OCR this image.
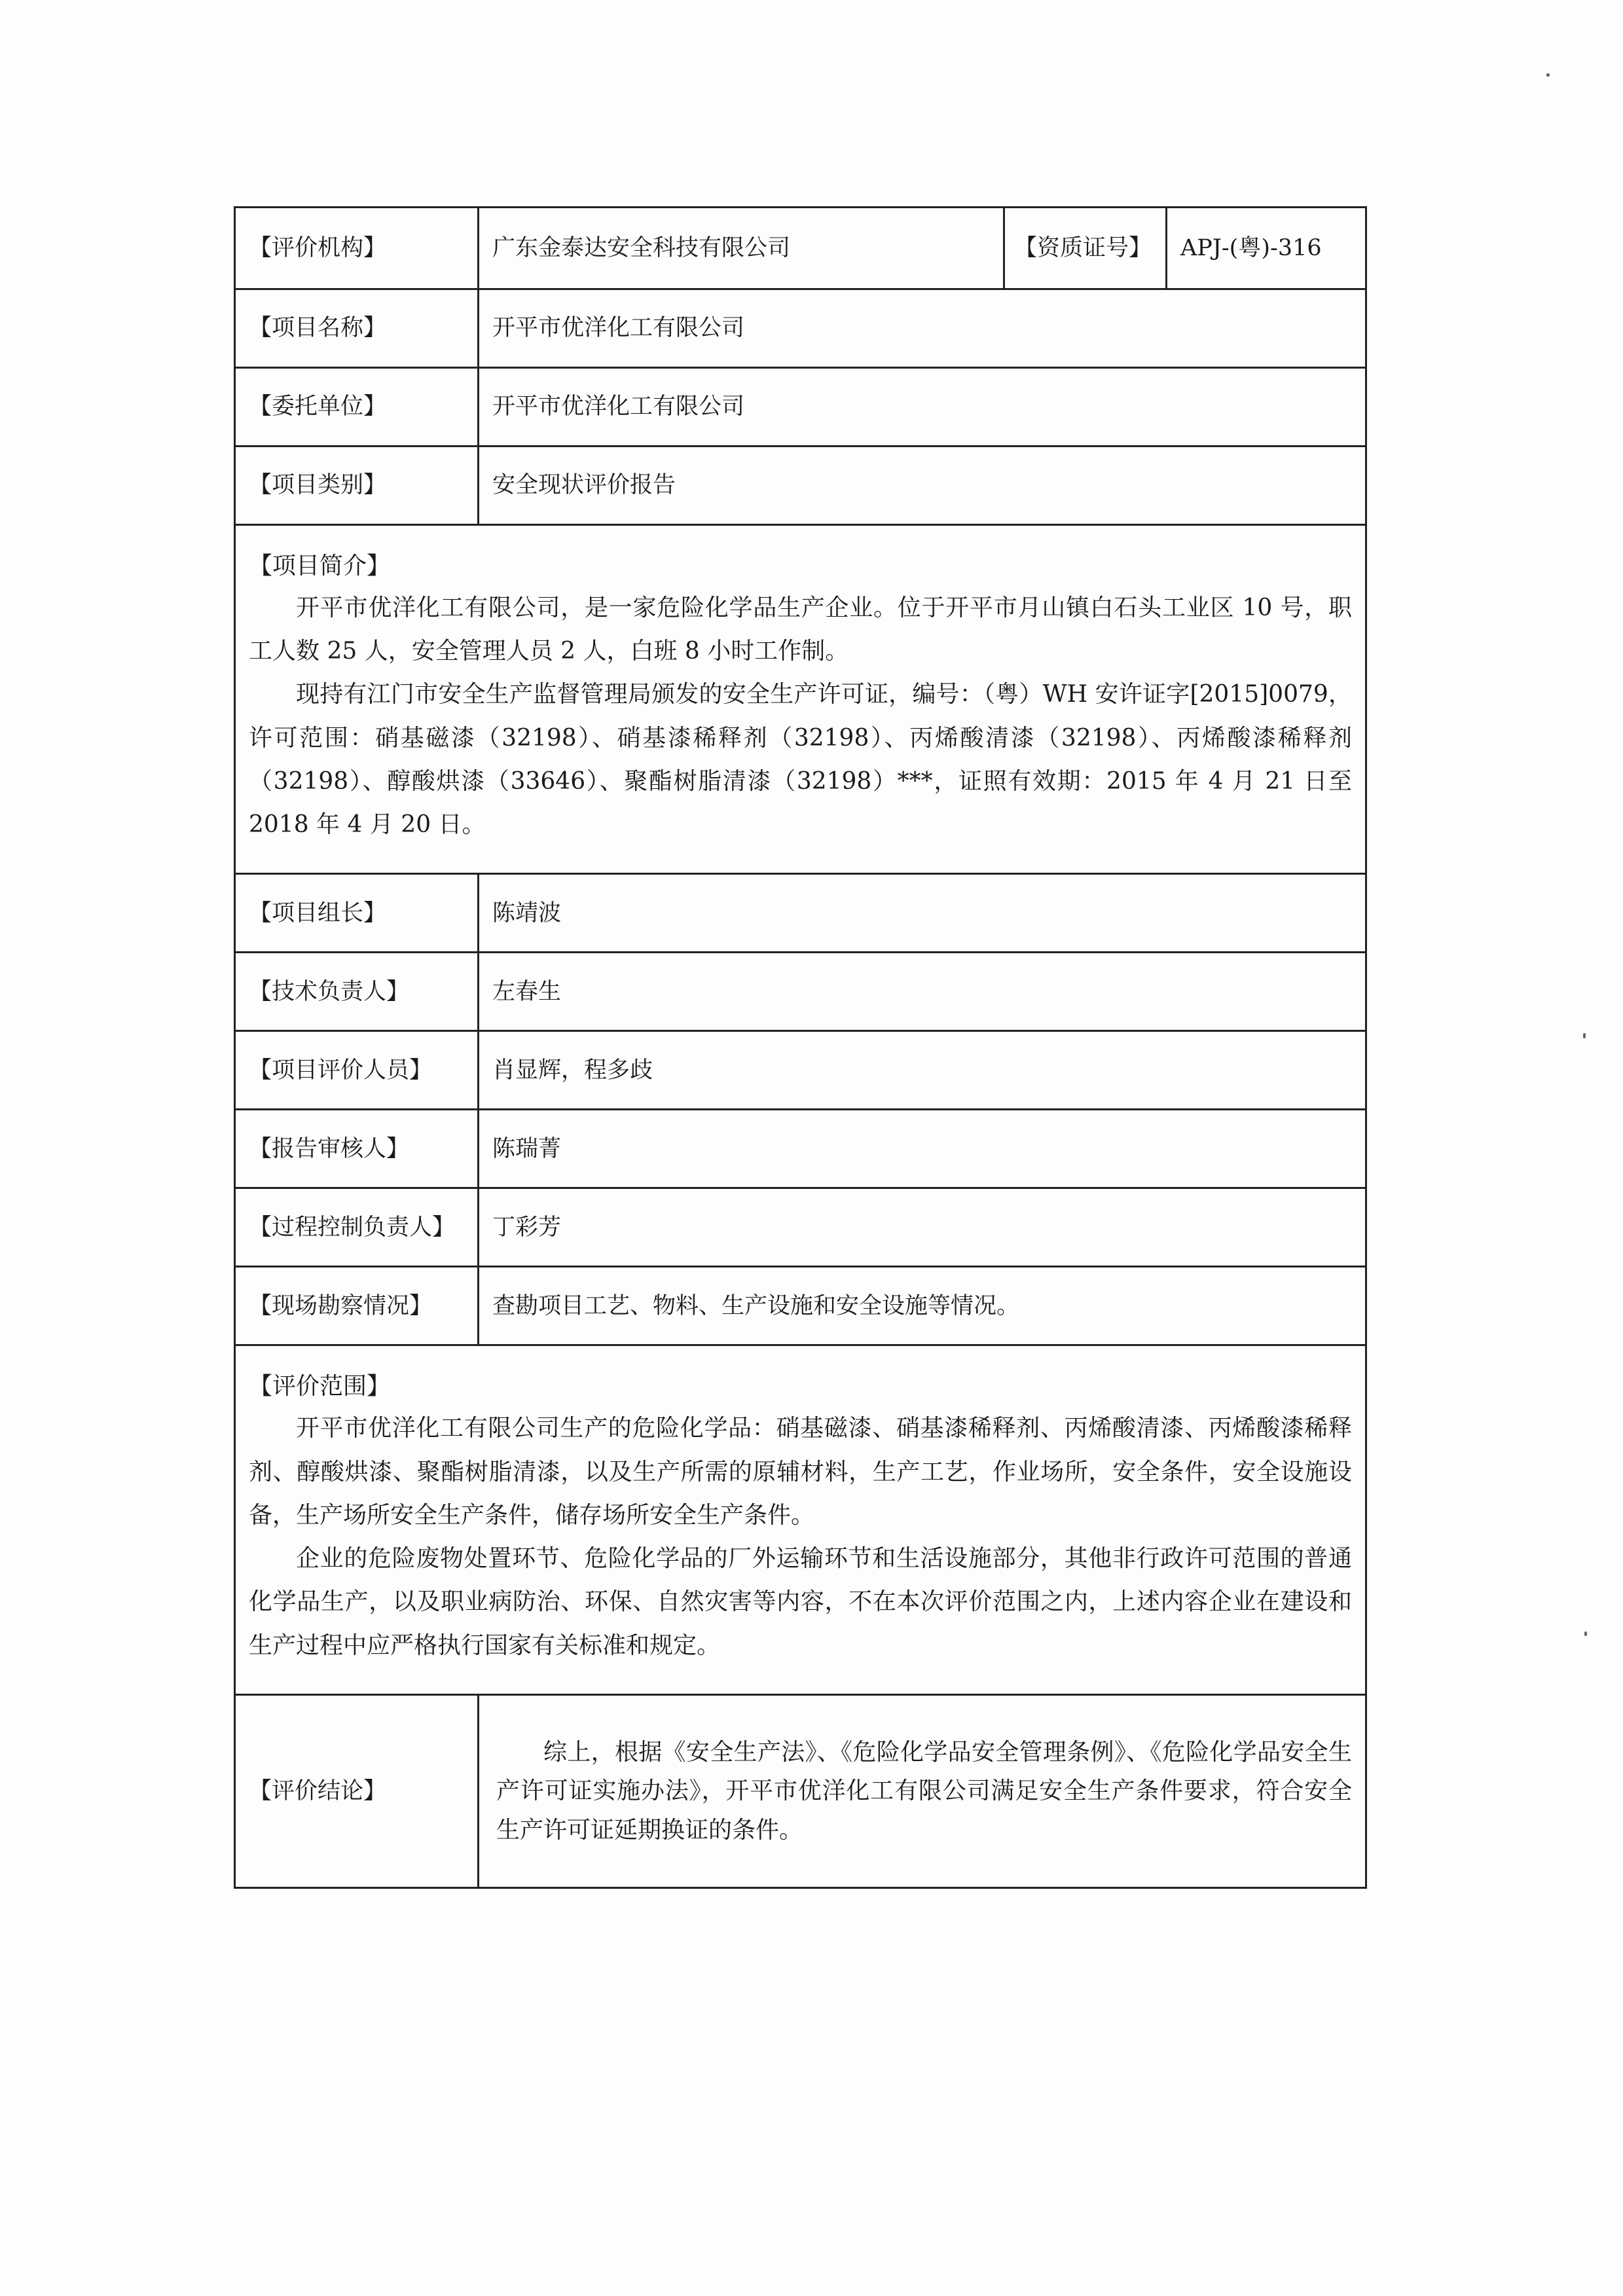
【评价机构】	广东金泰达安全科技有限公司	【资质证号】	APJ-(粤)-316
【项目名称】	开平市优洋化工有限公司		
【委托单位】	开平市优洋化工有限公司		
【项目类别】	安全现状评价报告		

【项目简介】

开平市优洋化工有限公司，是一家危险化学品生产企业。位于开平市月山镇白石头工业区 10 号，职工人数 25 人，安全管理人员 2 人，白班 8 小时工作制。

现持有江门市安全生产监督管理局颁发的安全生产许可证，编号：（粤）WH 安许证字[2015]0079，许可范围：硝基磁漆（32198）、硝基漆稀释剂（32198）、丙烯酸清漆（32198）、丙烯酸漆稀释剂（32198）、醇酸烘漆（33646）、聚酯树脂清漆（32198）***，证照有效期：2015 年 4 月 21 日至 2018 年 4 月 20 日。			

【项目组长】	陈靖波		
【技术负责人】	左春生		
【项目评价人员】	肖显辉，程多歧		
【报告审核人】	陈瑞菁		
【过程控制负责人】	丁彩芳		
【现场勘察情况】	查勘项目工艺、物料、生产设施和安全设施等情况。		

【评价范围】

开平市优洋化工有限公司生产的危险化学品：硝基磁漆、硝基漆稀释剂、丙烯酸清漆、丙烯酸漆稀释剂、醇酸烘漆、聚酯树脂清漆，以及生产所需的原辅材料，生产工艺，作业场所，安全条件，安全设施设备，生产场所安全生产条件，储存场所安全生产条件。

企业的危险废物处置环节、危险化学品的厂外运输环节和生活设施部分，其他非行政许可范围的普通化学品生产，以及职业病防治、环保、自然灾害等内容，不在本次评价范围之内，上述内容企业在建设和生产过程中应严格执行国家有关标准和规定。			

【评价结论】	综上，根据《安全生产法》、《危险化学品安全管理条例》、《危险化学品安全生产许可证实施办法》，开平市优洋化工有限公司满足安全生产条件要求，符合安全生产许可证延期换证的条件。		
